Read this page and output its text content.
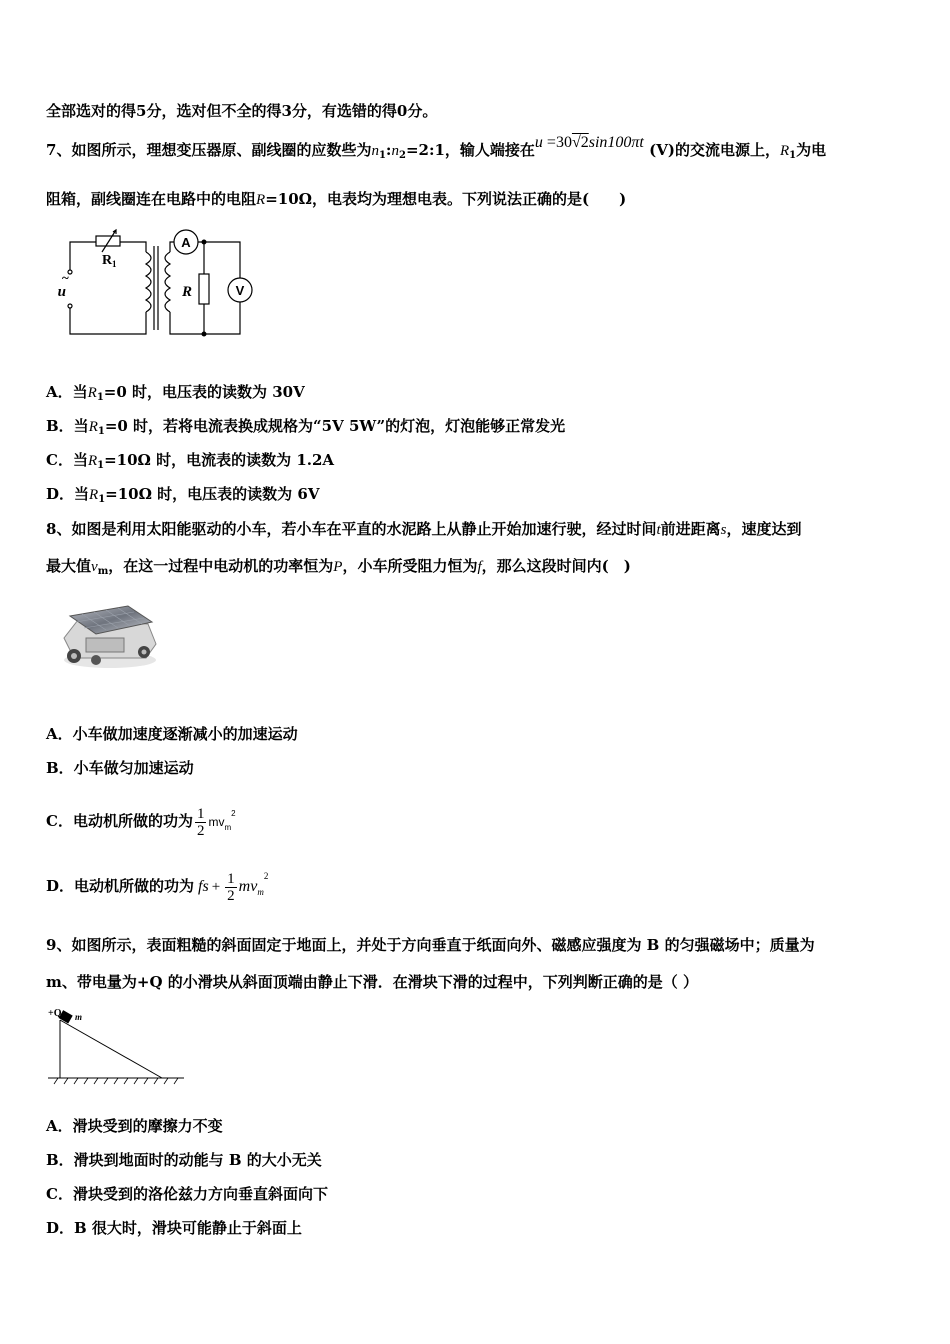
全部选对的得5分，选对但不全的得3分，有选错的得0分。
7、如图所示，理想变压器原、副线圈的应数些为$n_1:n_2=2:1$，输人端接在u =30√2sin100πt (V)的交流电源上，$R_1$为电
阻箱，副线圈连在电路中的电阻R=10Ω，电表均为理想电表。下列说法正确的是(　　)
u
~
R 1
R
A
V
A．当$R_1=0$ 时，电压表的读数为 30V
B．当$R_1=0$ 时，若将电流表换成规格为“5V 5W”的灯泡，灯泡能够正常发光
C．当$R_1=10\Omega$ 时，电流表的读数为 1.2A
D．当$R_1=10\Omega$ 时，电压表的读数为 6V
8、如图是利用太阳能驱动的小车，若小车在平直的水泥路上从静止开始加速行驶，经过时间t前进距离s，速度达到
最大值$v_m$，在这一过程中电动机的功率恒为P，小车所受阻力恒为f，那么这段时间内(　)
A．小车做加速度逐渐减小的加速运动
B．小车做匀加速运动
C．电动机所做的功为 $\frac{1}{2} mv_m^2$
D．电动机所做的功为 fs + $\frac{1}{2} mv_m^2$
9、如图所示，表面粗糙的斜面固定于地面上，并处于方向垂直于纸面向外、磁感应强度为 B 的匀强磁场中；质量为
m、带电量为+Q 的小滑块从斜面顶端由静止下滑．在滑块下滑的过程中，下列判断正确的是（ ）
+Q m
A．滑块受到的摩擦力不变
B．滑块到地面时的动能与 B 的大小无关
C．滑块受到的洛伦兹力方向垂直斜面向下
D．B 很大时，滑块可能静止于斜面上
